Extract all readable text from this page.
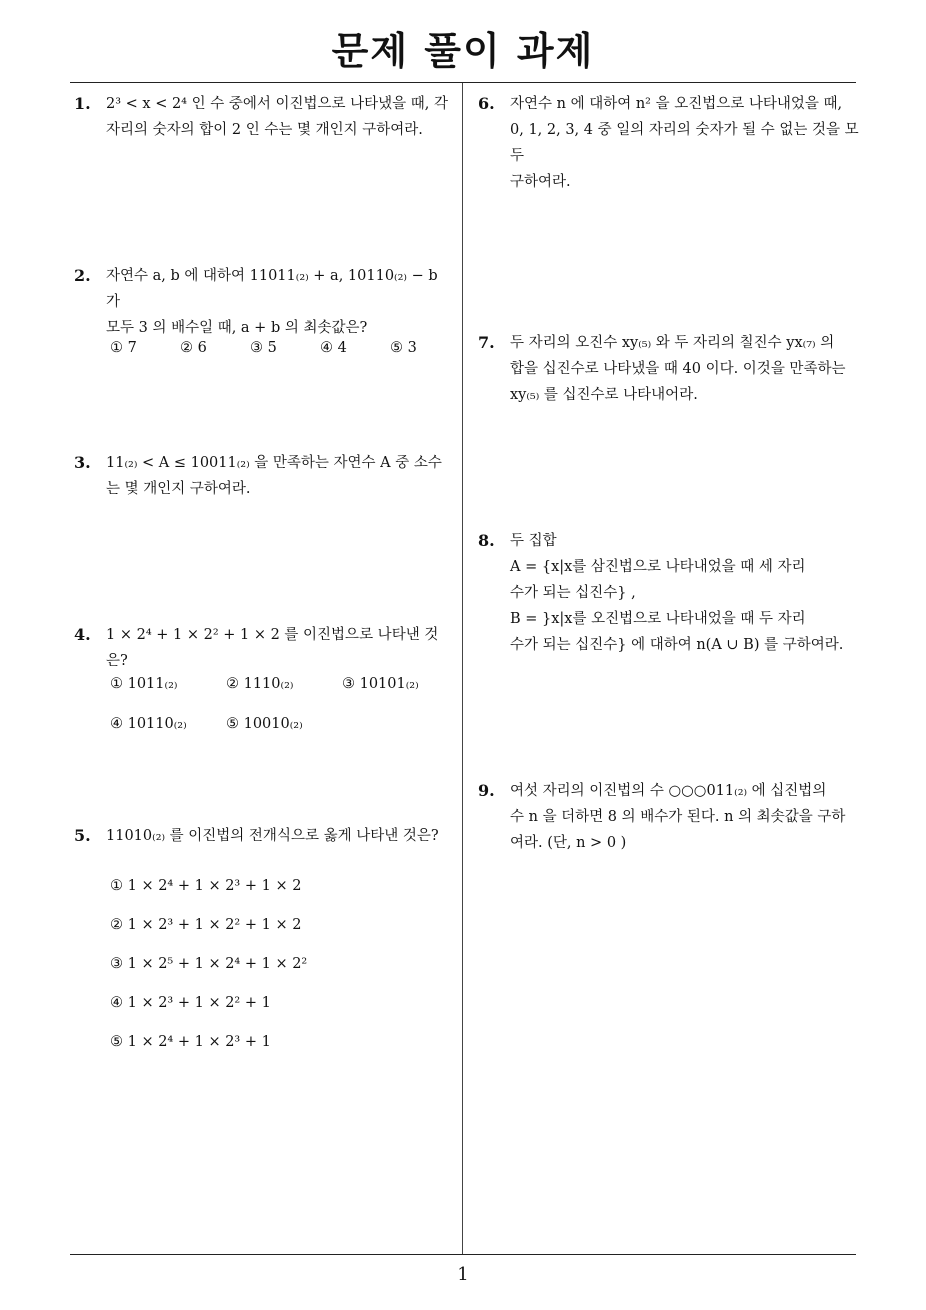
문제 풀이 과제
1. 2³ < x < 2⁴ 인 수 중에서 이진법으로 나타냈을 때, 각
자리의 숫자의 합이 2 인 수는 몇 개인지 구하여라.
2. 자연수 a, b 에 대하여 11011₍₂₎ + a, 10110₍₂₎ − b 가
모두 3 의 배수일 때, a + b 의 최솟값은?
① 7	② 6	③ 5	④ 4	⑤ 3
3. 11₍₂₎ < A ≤ 10011₍₂₎ 을 만족하는 자연수 A 중 소수
는 몇 개인지 구하여라.
4. 1 × 2⁴ + 1 × 2² + 1 × 2 를 이진법으로 나타낸 것은?
① 1011₍₂₎	② 1110₍₂₎	③ 10101₍₂₎
④ 10110₍₂₎	⑤ 10010₍₂₎
5. 11010₍₂₎ 를 이진법의 전개식으로 옳게 나타낸 것은?
① 1 × 2⁴ + 1 × 2³ + 1 × 2
② 1 × 2³ + 1 × 2² + 1 × 2
③ 1 × 2⁵ + 1 × 2⁴ + 1 × 2²
④ 1 × 2³ + 1 × 2² + 1
⑤ 1 × 2⁴ + 1 × 2³ + 1
6. 자연수 n 에 대하여 n² 을 오진법으로 나타내었을 때,
0, 1, 2, 3, 4 중 일의 자리의 숫자가 될 수 없는 것을 모두
구하여라.
7. 두 자리의 오진수 xy₍₅₎ 와 두 자리의 칠진수 yx₍₇₎ 의
합을 십진수로 나타냈을 때 40 이다. 이것을 만족하는
xy₍₅₎ 를 십진수로 나타내어라.
8. 두 집합
A = {x|x를 삼진법으로 나타내었을 때 세 자리
수가 되는 십진수} ,
B = }x|x를 오진법으로 나타내었을 때 두 자리
수가 되는 십진수} 에 대하여 n(A ∪ B) 를 구하여라.
9. 여섯 자리의 이진법의 수 ○○○011₍₂₎ 에 십진법의
수 n 을 더하면 8 의 배수가 된다. n 의 최솟값을 구하
여라. (단, n > 0 )
1
